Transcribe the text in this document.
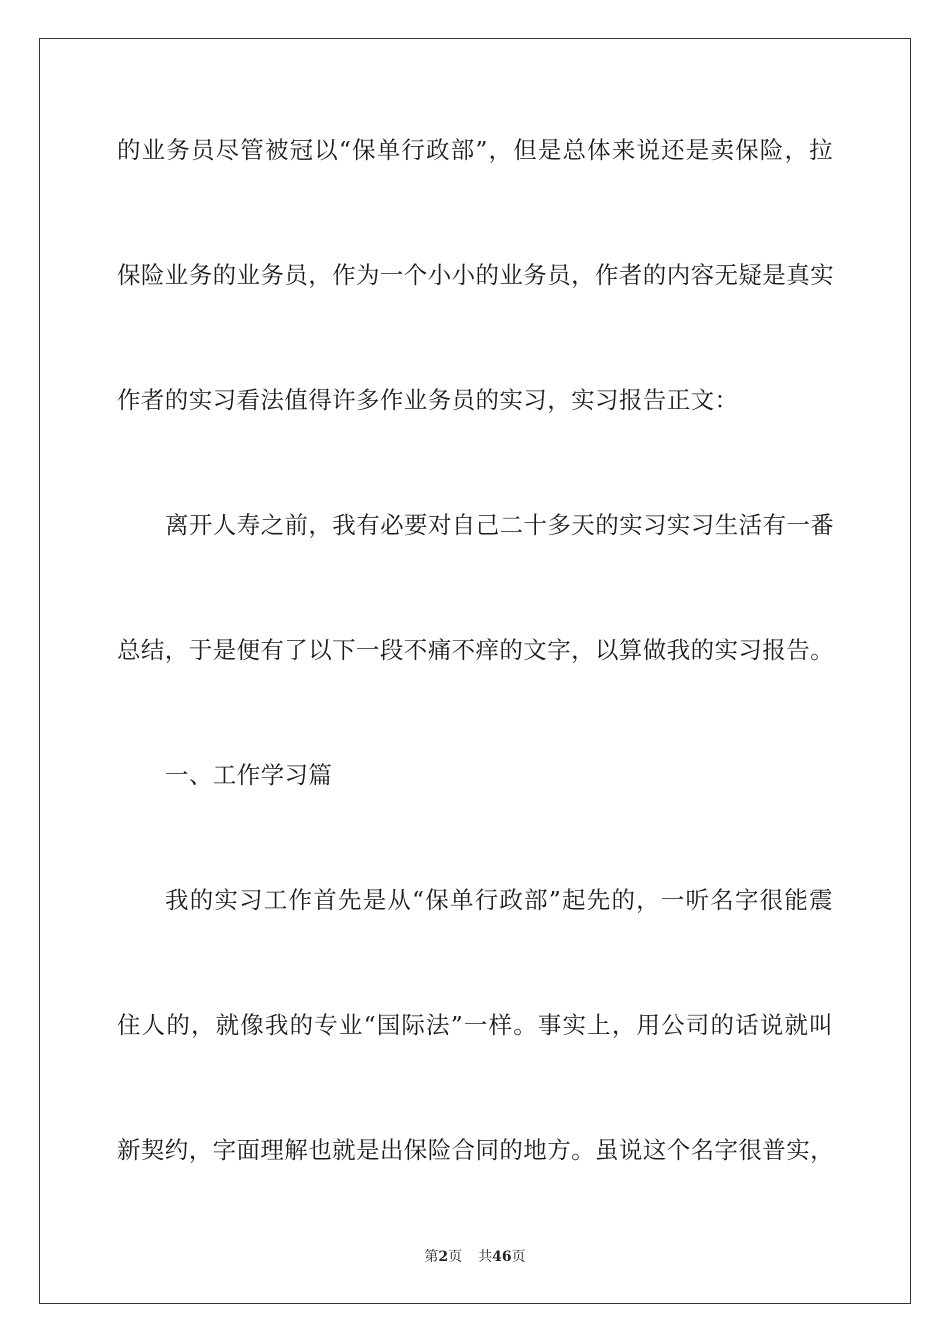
的业务员尽管被冠以“保单行政部”，但是总体来说还是卖保险，拉
保险业务的业务员，作为一个小小的业务员，作者的内容无疑是真实
作者的实习看法值得许多作业务员的实习，实习报告正文：
离开人寿之前，我有必要对自己二十多天的实习实习生活有一番
总结，于是便有了以下一段不痛不痒的文字，以算做我的实习报告。
一、工作学习篇
我的实习工作首先是从“保单行政部”起先的，一听名字很能震
住人的，就像我的专业“国际法”一样。事实上，用公司的话说就叫
新契约，字面理解也就是出保险合同的地方。虽说这个名字很普实，
第2页 共46页
